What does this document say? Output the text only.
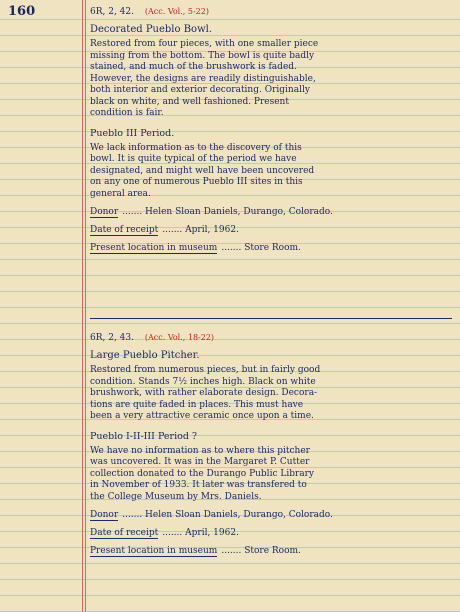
160	6R, 2, 42. (Acc. Vol., 5-22)
Decorated Pueblo Bowl.
Restored from four pieces, with one smaller piece
missing from the bottom. The bowl is quite badly
stained, and much of the brushwork is faded.
However, the designs are readily distinguishable,
both interior and exterior decorating. Originally
black on white, and well fashioned. Present
condition is fair.
Pueblo III Period.
We lack information as to the discovery of this
bowl. It is quite typical of the period we have
designated, and might well have been uncovered
on any one of numerous Pueblo III sites in this
general area.
Donor ....... Helen Sloan Daniels, Durango, Colorado.
Date of receipt ....... April, 1962.
Present location in museum ....... Store Room.
6R, 2, 43. (Acc. Vol., 18-22)
Large Pueblo Pitcher.
Restored from numerous pieces, but in fairly good
condition. Stands 7½ inches high. Black on white
brushwork, with rather elaborate design. Decora-
tions are quite faded in places. This must have
been a very attractive ceramic once upon a time.
Pueblo I-II-III Period ?
We have no information as to where this pitcher
was uncovered. It was in the Margaret P. Cutter
collection donated to the Durango Public Library
in November of 1933. It later was transfered to
the College Museum by Mrs. Daniels.
Donor ....... Helen Sloan Daniels, Durango, Colorado.
Date of receipt ....... April, 1962.
Present location in museum ....... Store Room.
